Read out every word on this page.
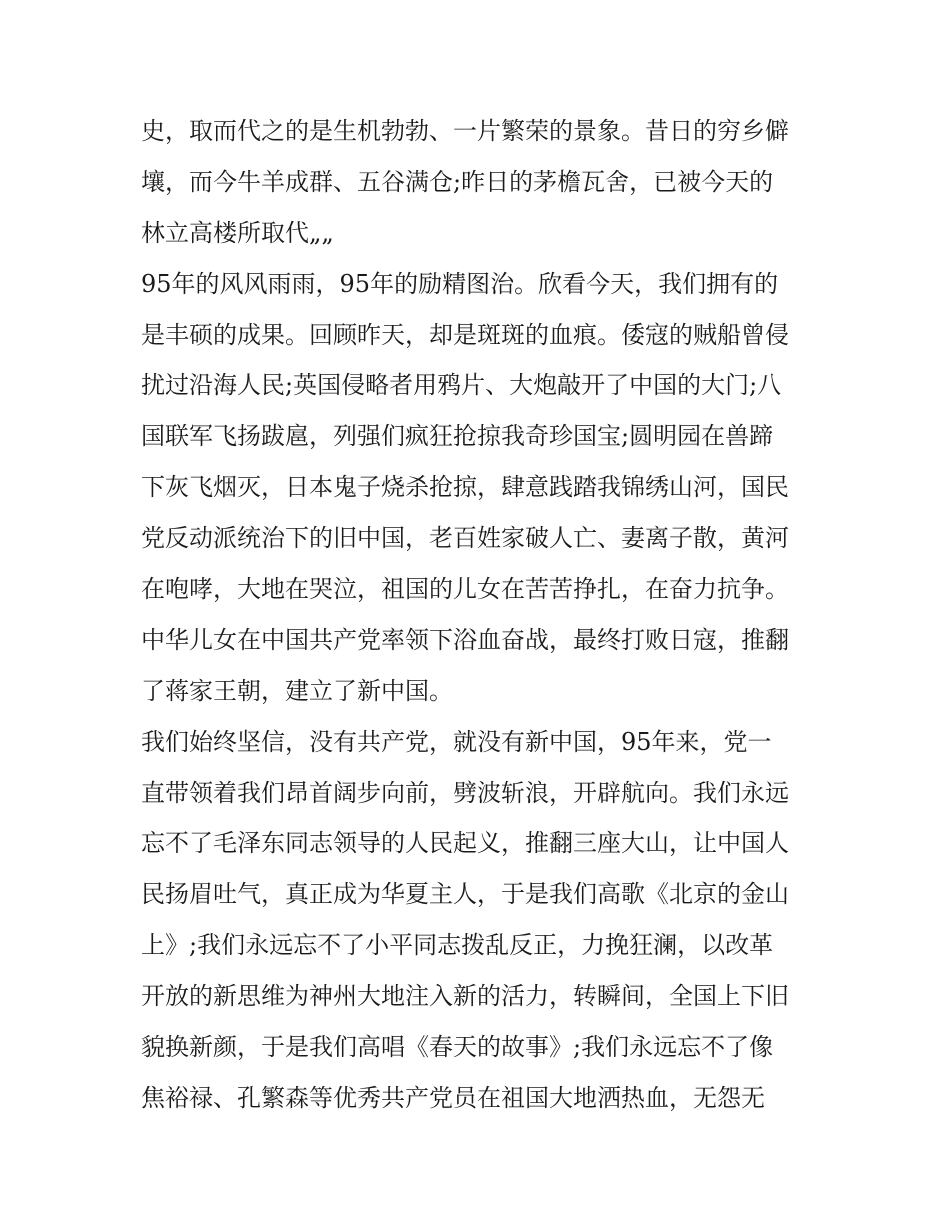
史，取而代之的是生机勃勃、一片繁荣的景象。昔日的穷乡僻
壤，而今牛羊成群、五谷满仓;昨日的茅檐瓦舍，已被今天的
林立高楼所取代„„
95年的风风雨雨，95年的励精图治。欣看今天，我们拥有的
是丰硕的成果。回顾昨天，却是斑斑的血痕。倭寇的贼船曾侵
扰过沿海人民;英国侵略者用鸦片、大炮敲开了中国的大门;八
国联军飞扬跋扈，列强们疯狂抢掠我奇珍国宝;圆明园在兽蹄
下灰飞烟灭，日本鬼子烧杀抢掠，肆意践踏我锦绣山河，国民
党反动派统治下的旧中国，老百姓家破人亡、妻离子散，黄河
在咆哮，大地在哭泣，祖国的儿女在苦苦挣扎，在奋力抗争。
中华儿女在中国共产党率领下浴血奋战，最终打败日寇，推翻
了蒋家王朝，建立了新中国。
我们始终坚信，没有共产党，就没有新中国，95年来，党一
直带领着我们昂首阔步向前，劈波斩浪，开辟航向。我们永远
忘不了毛泽东同志领导的人民起义，推翻三座大山，让中国人
民扬眉吐气，真正成为华夏主人，于是我们高歌《北京的金山
上》;我们永远忘不了小平同志拨乱反正，力挽狂澜，以改革
开放的新思维为神州大地注入新的活力，转瞬间，全国上下旧
貌换新颜，于是我们高唱《春天的故事》;我们永远忘不了像
焦裕禄、孔繁森等优秀共产党员在祖国大地洒热血，无怨无
